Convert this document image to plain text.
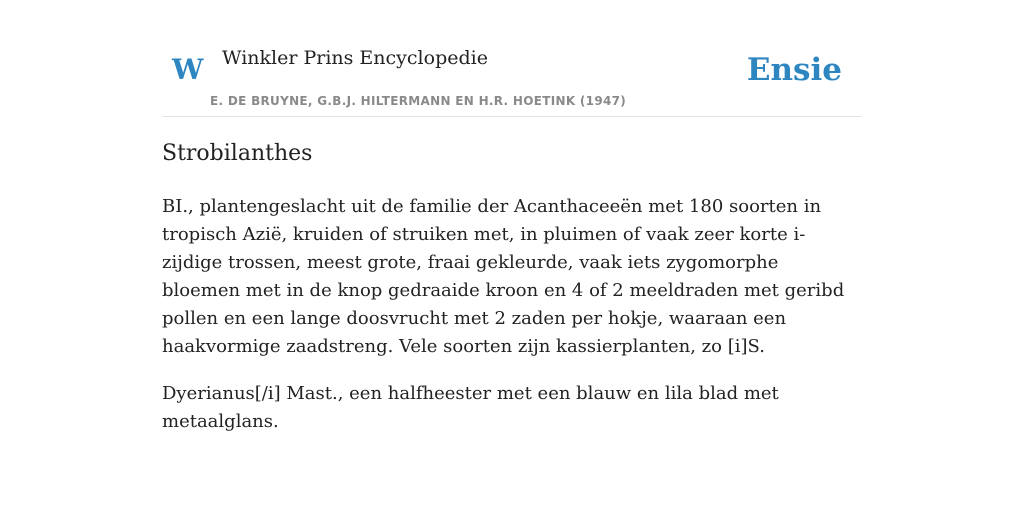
W Winkler Prins Encyclopedie
E. DE BRUYNE, G.B.J. HILTERMANN EN H.R. HOETINK (1947)
Ensie
Strobilanthes

BI., plantengeslacht uit de familie der Acanthaceeën met 180 soorten in tropisch Azië, kruiden of struiken met, in pluimen of vaak zeer korte i-zijdige trossen, meest grote, fraai gekleurde, vaak iets zygomorphe bloemen met in de knop gedraaide kroon en 4 of 2 meeldraden met geribd pollen en een lange doosvrucht met 2 zaden per hokje, waaraan een haakvormige zaadstreng. Vele soorten zijn kassierplanten, zo [i]S.

Dyerianus[/i] Mast., een halfheester met een blauw en lila blad met metaalglans.
